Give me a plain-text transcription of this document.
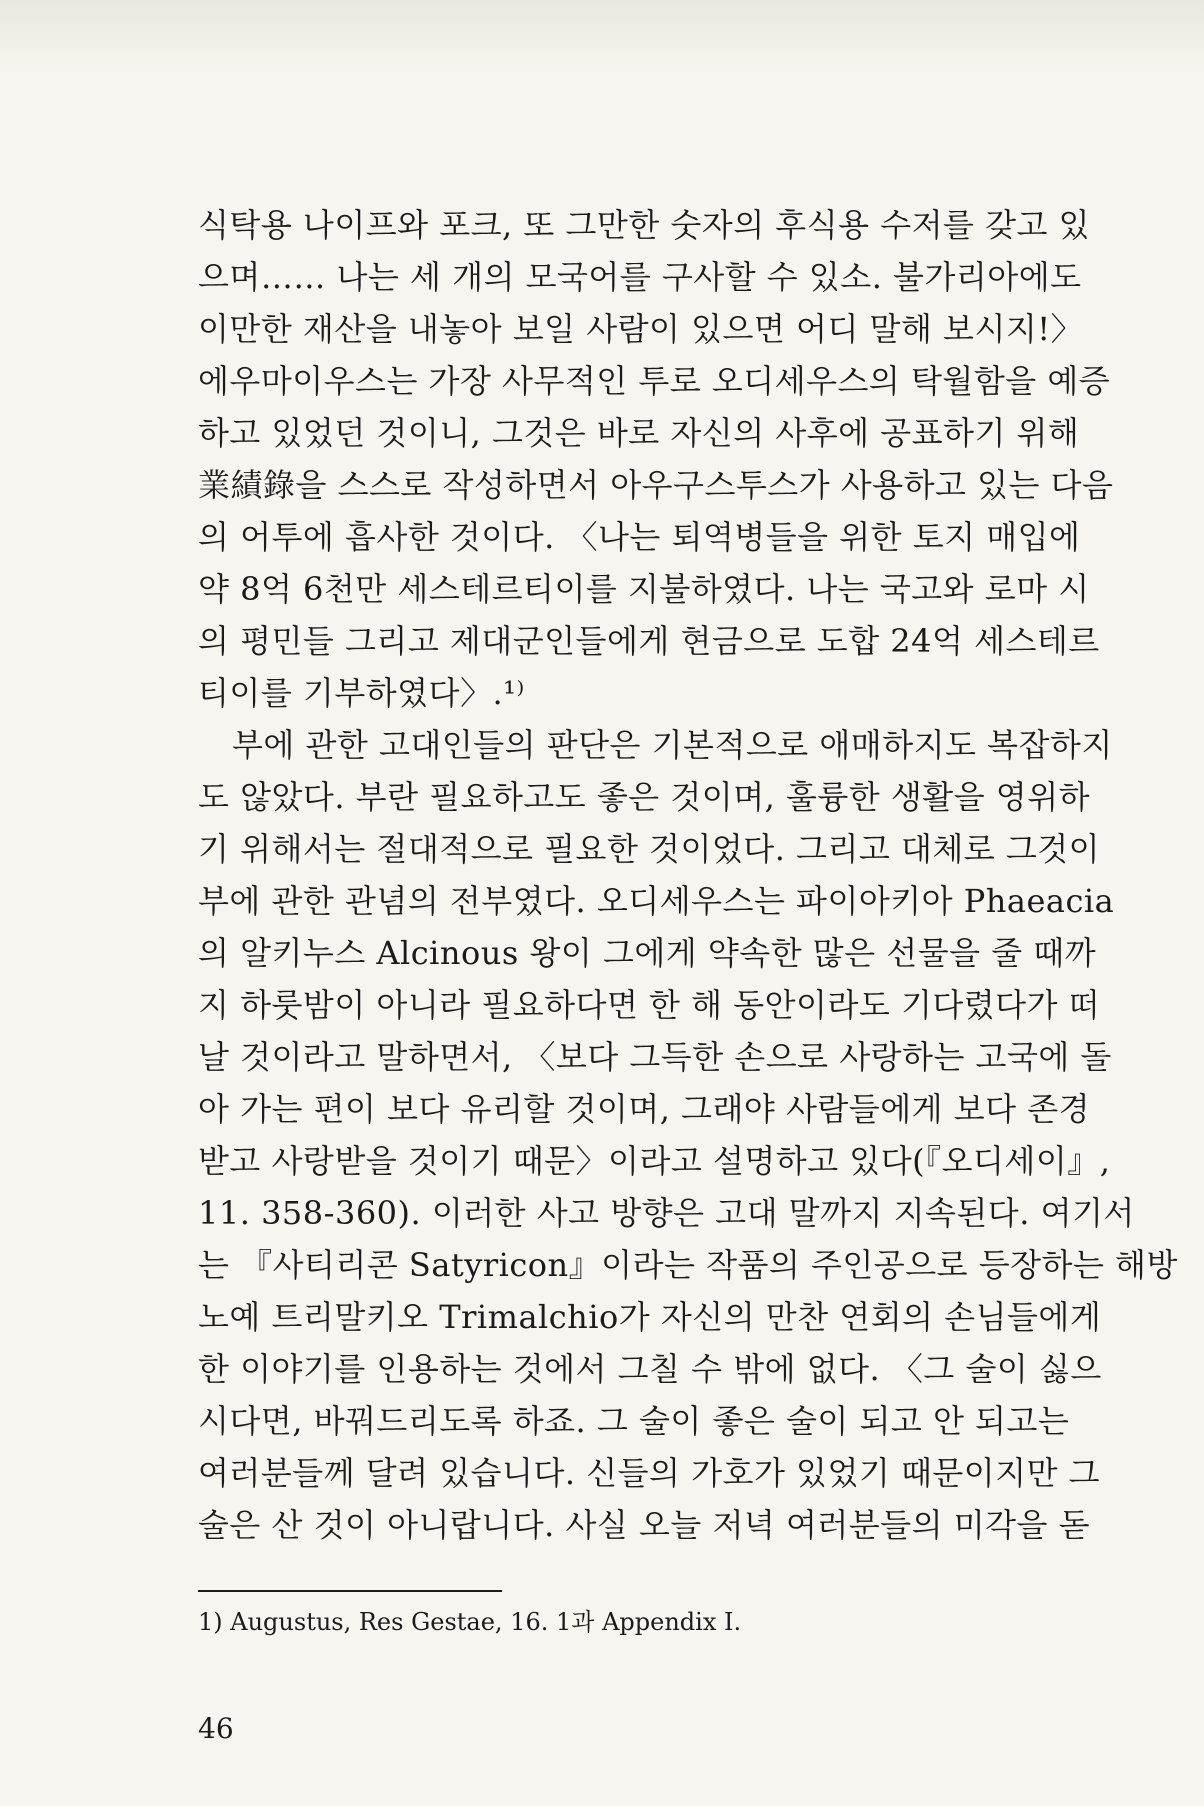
식탁용 나이프와 포크, 또 그만한 숫자의 후식용 수저를 갖고 있
으며…… 나는 세 개의 모국어를 구사할 수 있소. 불가리아에도
이만한 재산을 내놓아 보일 사람이 있으면 어디 말해 보시지!〉
에우마이우스는 가장 사무적인 투로 오디세우스의 탁월함을 예증
하고 있었던 것이니, 그것은 바로 자신의 사후에 공표하기 위해
業績錄을 스스로 작성하면서 아우구스투스가 사용하고 있는 다음
의 어투에 흡사한 것이다. 〈나는 퇴역병들을 위한 토지 매입에
약 8억 6천만 세스테르티이를 지불하였다. 나는 국고와 로마 시
의 평민들 그리고 제대군인들에게 현금으로 도합 24억 세스테르
티이를 기부하였다〉.¹⁾
부에 관한 고대인들의 판단은 기본적으로 애매하지도 복잡하지
도 않았다. 부란 필요하고도 좋은 것이며, 훌륭한 생활을 영위하
기 위해서는 절대적으로 필요한 것이었다. 그리고 대체로 그것이
부에 관한 관념의 전부였다. 오디세우스는 파이아키아 Phaeacia
의 알키누스 Alcinous 왕이 그에게 약속한 많은 선물을 줄 때까
지 하룻밤이 아니라 필요하다면 한 해 동안이라도 기다렸다가 떠
날 것이라고 말하면서, 〈보다 그득한 손으로 사랑하는 고국에 돌
아 가는 편이 보다 유리할 것이며, 그래야 사람들에게 보다 존경
받고 사랑받을 것이기 때문〉이라고 설명하고 있다(『오디세이』,
11. 358-360). 이러한 사고 방향은 고대 말까지 지속된다. 여기서
는 『사티리콘 Satyricon』이라는 작품의 주인공으로 등장하는 해방
노예 트리말키오 Trimalchio가 자신의 만찬 연회의 손님들에게
한 이야기를 인용하는 것에서 그칠 수 밖에 없다. 〈그 술이 싫으
시다면, 바꿔드리도록 하죠. 그 술이 좋은 술이 되고 안 되고는
여러분들께 달려 있습니다. 신들의 가호가 있었기 때문이지만 그
술은 산 것이 아니랍니다. 사실 오늘 저녁 여러분들의 미각을 돋
1) Augustus, Res Gestae, 16. 1과 Appendix I.
46
